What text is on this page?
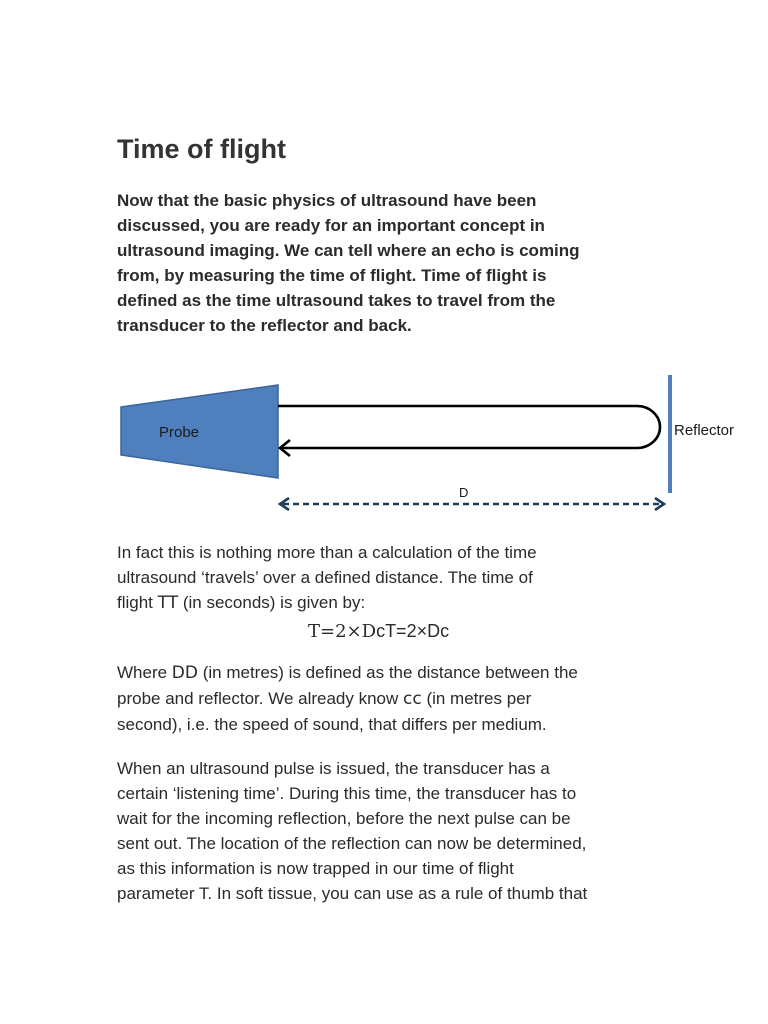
Time of flight

Now that the basic physics of ultrasound have been
discussed, you are ready for an important concept in
ultrasound imaging. We can tell where an echo is coming
from, by measuring the time of flight. Time of flight is
defined as the time ultrasound takes to travel from the
transducer to the reflector and back.

Probe	Reflector
D

In fact this is nothing more than a calculation of the time
ultrasound ‘travels’ over a defined distance. The time of
flight TT (in seconds) is given by:

T=2×DcT=2×Dc

Where DD (in metres) is defined as the distance between the
probe and reflector. We already know cc (in metres per
second), i.e. the speed of sound, that differs per medium.

When an ultrasound pulse is issued, the transducer has a
certain ‘listening time’. During this time, the transducer has to
wait for the incoming reflection, before the next pulse can be
sent out. The location of the reflection can now be determined,
as this information is now trapped in our time of flight
parameter T. In soft tissue, you can use as a rule of thumb that
